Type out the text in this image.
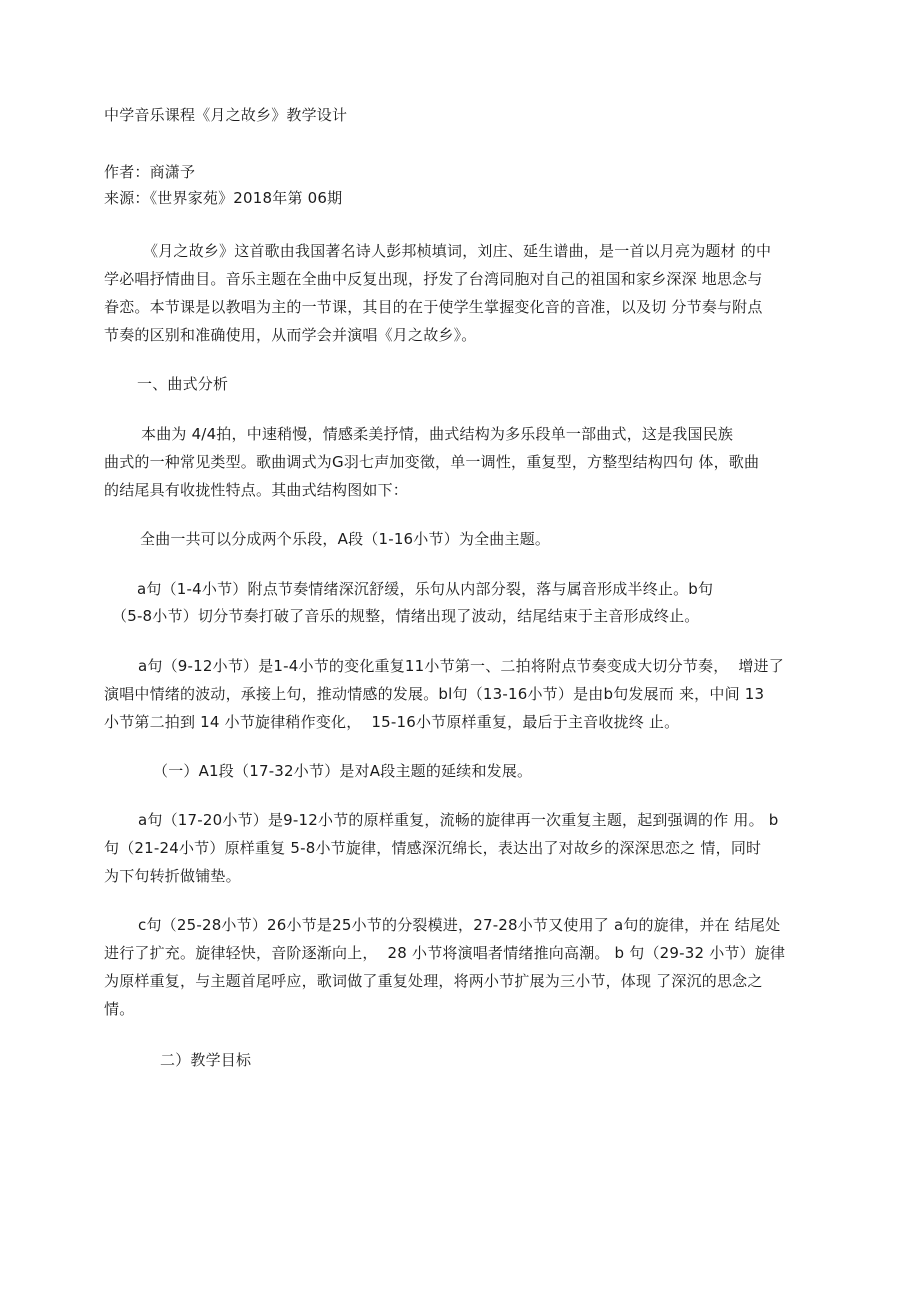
中学音乐课程《月之故乡》教学设计

作者：商潇予

来源：《世界家苑》2018年第 06期

《月之故乡》这首歌由我国著名诗人彭邦桢填词，刘庄、延生谱曲，是一首以月亮为题材 的中

学必唱抒情曲目。音乐主题在全曲中反复出现，抒发了台湾同胞对自己的祖国和家乡深深 地思念与

眷恋。本节课是以教唱为主的一节课，其目的在于使学生掌握变化音的音准，以及切 分节奏与附点

节奏的区别和准确使用，从而学会并演唱《月之故乡》。

一、曲式分析

本曲为 4/4拍，中速稍慢，情感柔美抒情，曲式结构为多乐段单一部曲式，这是我国民族

曲式的一种常见类型。歌曲调式为G羽七声加变徵，单一调性，重复型，方整型结构四句 体，歌曲

的结尾具有收拢性特点。其曲式结构图如下：

全曲一共可以分成两个乐段，A段（1-16小节）为全曲主题。

a句（1-4小节）附点节奏情绪深沉舒缓，乐句从内部分裂，落与属音形成半终止。b句

（5-8小节）切分节奏打破了音乐的规整，情绪出现了波动，结尾结束于主音形成终止。

a句（9-12小节）是1-4小节的变化重复11小节第一、二拍将附点节奏变成大切分节奏，  增进了

演唱中情绪的波动，承接上句，推动情感的发展。bl句（13-16小节）是由b句发展而 来，中间 13

小节第二拍到 14 小节旋律稍作变化，  15-16小节原样重复，最后于主音收拢终 止。

（一）A1段（17-32小节）是对A段主题的延续和发展。

a句（17-20小节）是9-12小节的原样重复，流畅的旋律再一次重复主题，起到强调的作 用。 b

句（21-24小节）原样重复 5-8小节旋律，情感深沉绵长，表达出了对故乡的深深思恋之 情，同时

为下句转折做铺垫。

c句（25-28小节）26小节是25小节的分裂模进，27-28小节又使用了 a句的旋律，并在 结尾处

进行了扩充。旋律轻快，音阶逐渐向上，  28 小节将演唱者情绪推向高潮。 b 句（29-32 小节）旋律

为原样重复，与主题首尾呼应，歌词做了重复处理，将两小节扩展为三小节，体现 了深沉的思念之

情。

二）教学目标
